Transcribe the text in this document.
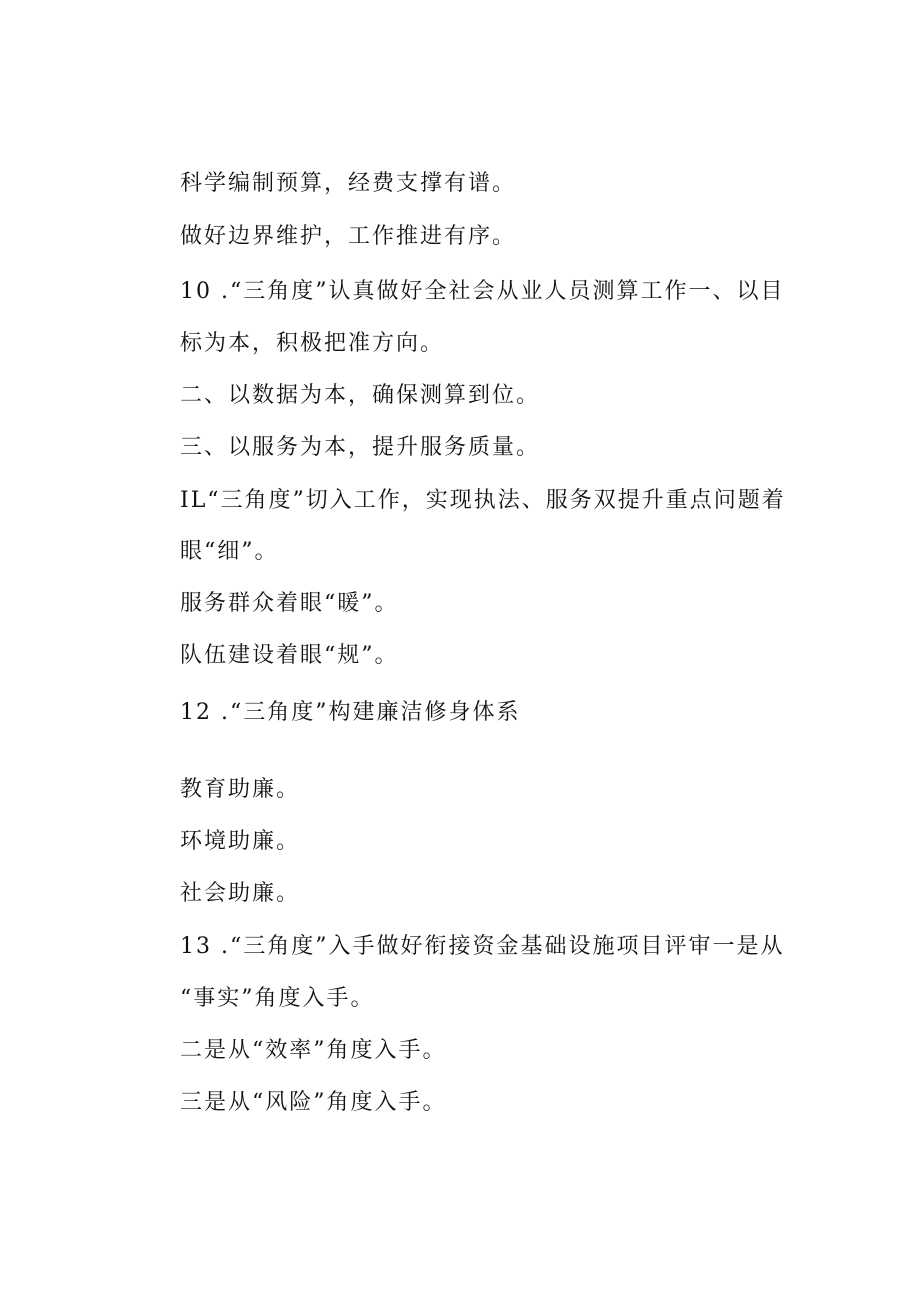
科学编制预算，经费支撑有谱。
做好边界维护，工作推进有序。
10 .“三角度”认真做好全社会从业人员测算工作一、以目
标为本，积极把准方向。
二、以数据为本，确保测算到位。
三、以服务为本，提升服务质量。
IL“三角度”切入工作，实现执法、服务双提升重点问题着
眼“细”。
服务群众着眼“暖”。
队伍建设着眼“规”。
12 .“三角度”构建廉洁修身体系
教育助廉。
环境助廉。
社会助廉。
13 .“三角度”入手做好衔接资金基础设施项目评审一是从
“事实”角度入手。
二是从“效率”角度入手。
三是从“风险”角度入手。
